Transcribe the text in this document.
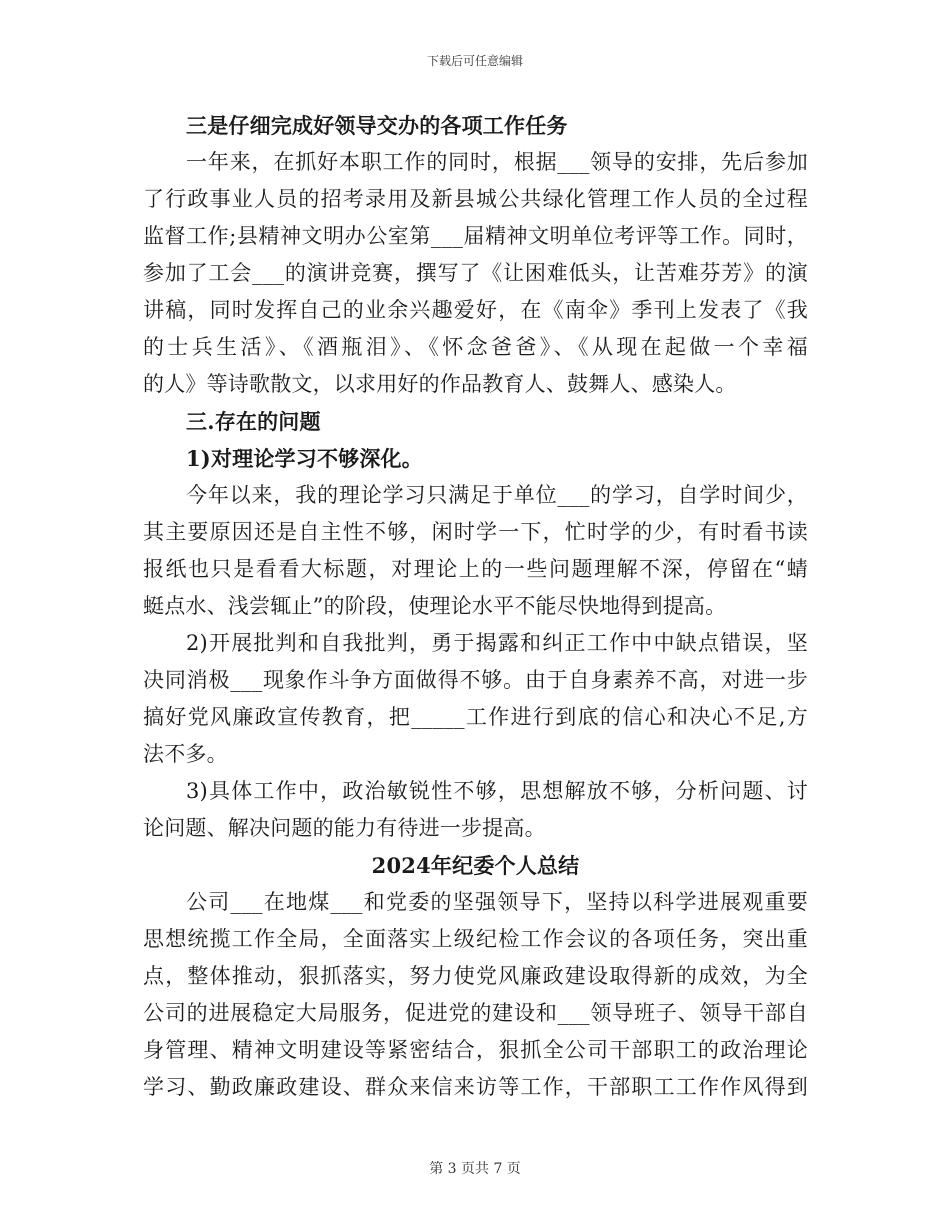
下载后可任意编辑
三是仔细完成好领导交办的各项工作任务
一年来，在抓好本职工作的同时，根据___领导的安排，先后参加
了行政事业人员的招考录用及新县城公共绿化管理工作人员的全过程
监督工作;县精神文明办公室第___届精神文明单位考评等工作。同时，
参加了工会___的演讲竞赛，撰写了《让困难低头，让苦难芬芳》的演
讲稿，同时发挥自己的业余兴趣爱好，在《南伞》季刊上发表了《我
的士兵生活》、《酒瓶泪》、《怀念爸爸》、《从现在起做一个幸福
的人》等诗歌散文，以求用好的作品教育人、鼓舞人、感染人。
三.存在的问题
1)对理论学习不够深化。
今年以来，我的理论学习只满足于单位___的学习，自学时间少，
其主要原因还是自主性不够，闲时学一下，忙时学的少，有时看书读
报纸也只是看看大标题，对理论上的一些问题理解不深，停留在“蜻
蜓点水、浅尝辄止”的阶段，使理论水平不能尽快地得到提高。
2)开展批判和自我批判，勇于揭露和纠正工作中中缺点错误，坚
决同消极___现象作斗争方面做得不够。由于自身素养不高，对进一步
搞好党风廉政宣传教育，把_____工作进行到底的信心和决心不足,方
法不多。
3)具体工作中，政治敏锐性不够，思想解放不够，分析问题、讨
论问题、解决问题的能力有待进一步提高。
2024年纪委个人总结
公司___在地煤___和党委的坚强领导下，坚持以科学进展观重要
思想统揽工作全局，全面落实上级纪检工作会议的各项任务，突出重
点，整体推动，狠抓落实，努力使党风廉政建设取得新的成效，为全
公司的进展稳定大局服务，促进党的建设和___领导班子、领导干部自
身管理、精神文明建设等紧密结合，狠抓全公司干部职工的政治理论
学习、勤政廉政建设、群众来信来访等工作，干部职工工作作风得到
第 3 页共 7 页
